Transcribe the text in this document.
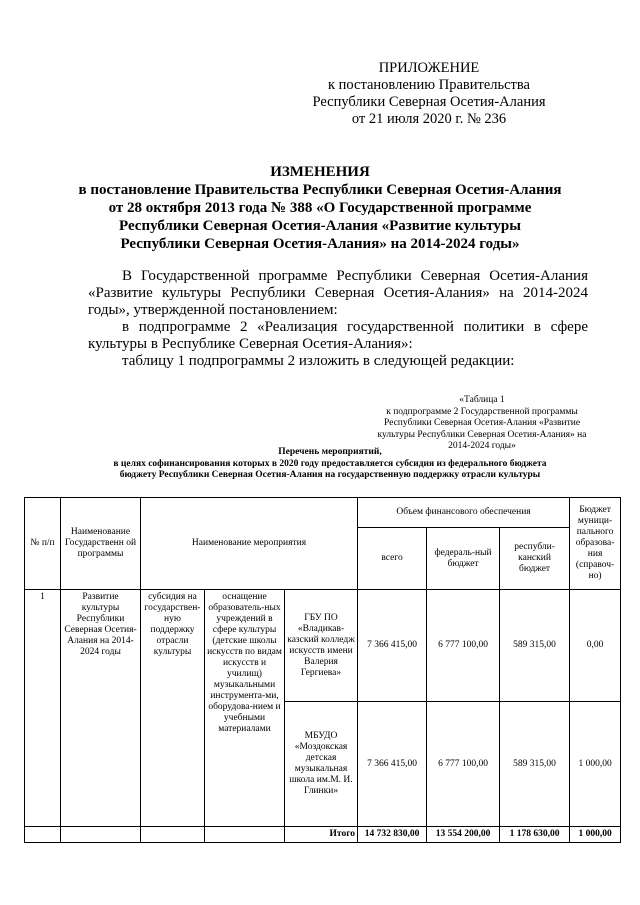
ПРИЛОЖЕНИЕ
к постановлению Правительства
Республики Северная Осетия-Алания
от 21 июля 2020 г. № 236
ИЗМЕНЕНИЯ
в постановление Правительства Республики Северная Осетия-Алания
от 28 октября 2013 года № 388 «О Государственной программе
Республики Северная Осетия-Алания «Развитие культуры
Республики Северная Осетия-Алания» на 2014-2024 годы»

В Государственной программе Республики Северная Осетия-Алания «Развитие культуры Республики Северная Осетия-Алания» на 2014-2024 годы», утвержденной постановлением:

в подпрограмме 2 «Реализация государственной политики в сфере культуры в Республике Северная Осетия-Алания»:

таблицу 1 подпрограммы 2 изложить в следующей редакции:

«Таблица 1
к подпрограмме 2 Государственной программы
Республики Северная Осетия-Алания «Развитие
культуры Республики Северная Осетия-Алания» на
2014-2024 годы»
Перечень мероприятий,
в целях софинансирования которых в 2020 году предоставляется субсидия из федерального бюджета
бюджету Республики Северная Осетия-Алания на государственную поддержку отрасли культуры
№ п/п	Наименование Государственн ой программы	Наименование мероприятия			Объем финансового обеспечения			Бюджет муници-пального образова-ния (справоч-но)
					всего	федераль-ный бюджет	республи-канский бюджет	
1	Развитие культуры Республики Северная Осетия-Алания на 2014-2024 годы	субсидия на государствен-ную поддержку отрасли культуры	оснащение образователь-ных учреждений в сфере культуры (детские школы искусств по видам искусств и училищ) музыкальными инструмента-ми, оборудова-нием и учебными материалами	ГБУ ПО «Владикав-казский колледж искусств имени Валерия Гергиева»	7 366 415,00	6 777 100,00	589 315,00	0,00
				МБУДО «Моздокская детская музыкальная школа им.М. И. Глинки»	7 366 415,00	6 777 100,00	589 315,00	1 000,00
				Итого	14 732 830,00	13 554 200,00	1 178 630,00	1 000,00
